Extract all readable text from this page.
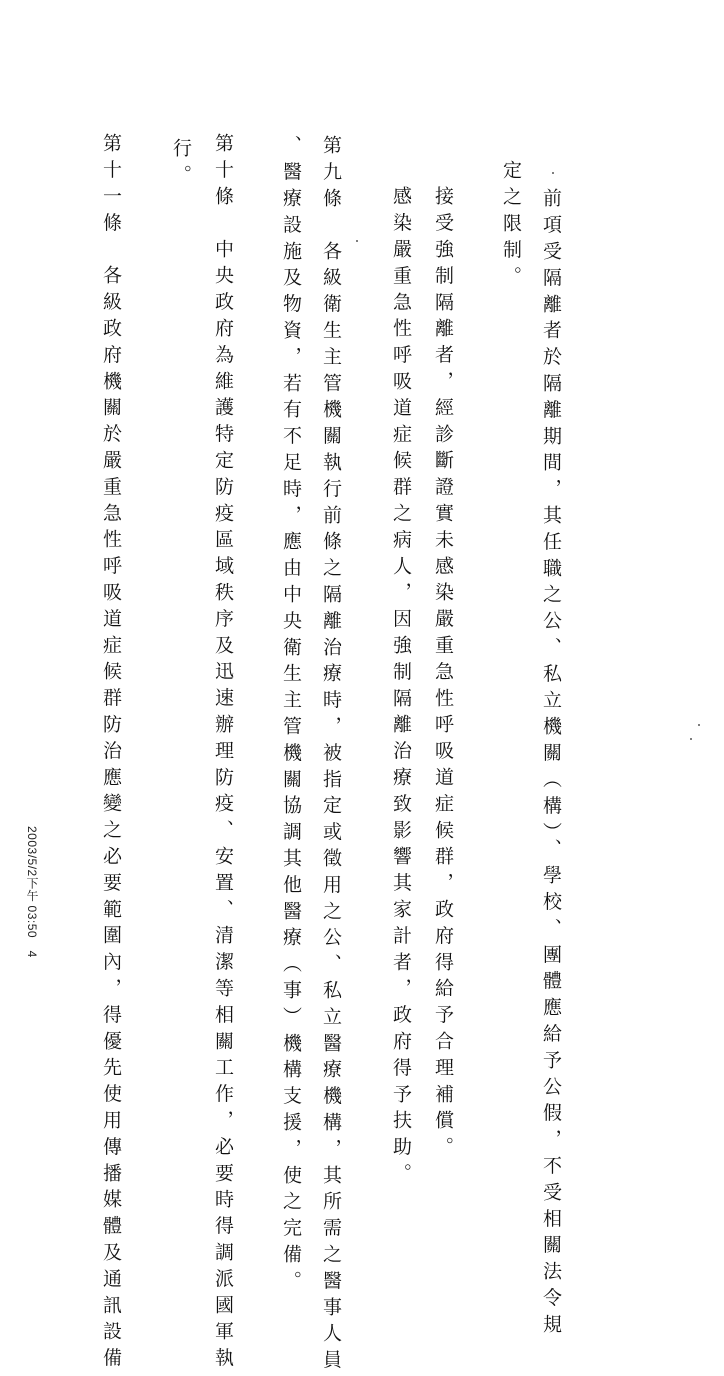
前項受隔離者於隔離期間，其任職之公、私立機關（構）、學校、團體應給予公假，不受相關法令規
定之限制。
接受強制隔離者，經診斷證實未感染嚴重急性呼吸道症候群，政府得給予合理補償。
感染嚴重急性呼吸道症候群之病人，因強制隔離治療致影響其家計者，政府得予扶助。
第九條　各級衛生主管機關執行前條之隔離治療時，被指定或徵用之公、私立醫療機構，其所需之醫事人員
、醫療設施及物資，若有不足時，應由中央衛生主管機關協調其他醫療（事）機構支援，使之完備。
第十條　中央政府為維護特定防疫區域秩序及迅速辦理防疫、安置、清潔等相關工作，必要時得調派國軍執
行。
第十一條　各級政府機關於嚴重急性呼吸道症候群防治應變之必要範圍內，得優先使用傳播媒體及通訊設備
2003/5/2下午 03:50　4
